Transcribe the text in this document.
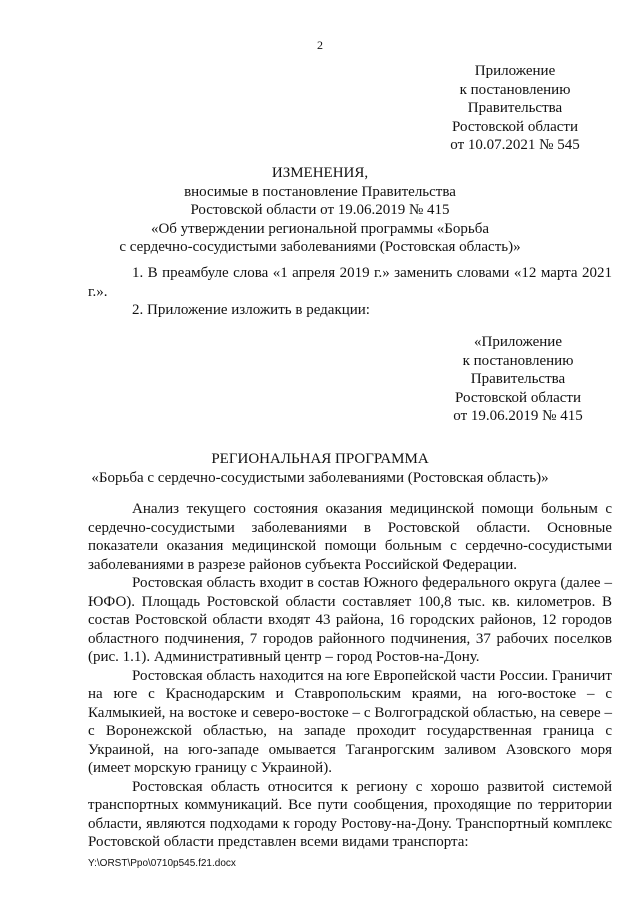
2
Приложение
к постановлению
Правительства
Ростовской области
от 10.07.2021 № 545
ИЗМЕНЕНИЯ,
вносимые в постановление Правительства
Ростовской области от 19.06.2019 № 415
«Об утверждении региональной программы «Борьба
с сердечно-сосудистыми заболеваниями (Ростовская область)»

1. В преамбуле слова «1 апреля 2019 г.» заменить словами «12 марта 2021 г.».

2. Приложение изложить в редакции:

«Приложение
к постановлению
Правительства
Ростовской области
от 19.06.2019 № 415
РЕГИОНАЛЬНАЯ ПРОГРАММА
«Борьба с сердечно-сосудистыми заболеваниями (Ростовская область)»

Анализ текущего состояния оказания медицинской помощи больным с сердечно-сосудистыми заболеваниями в Ростовской области. Основные показатели оказания медицинской помощи больным с сердечно-сосудистыми заболеваниями в разрезе районов субъекта Российской Федерации.

Ростовская область входит в состав Южного федерального округа (далее – ЮФО). Площадь Ростовской области составляет 100,8 тыс. кв. километров. В состав Ростовской области входят 43 района, 16 городских районов, 12 городов областного подчинения, 7 городов районного подчинения, 37 рабочих поселков (рис. 1.1). Административный центр – город Ростов-на-Дону.

Ростовская область находится на юге Европейской части России. Граничит на юге с Краснодарским и Ставропольским краями, на юго-востоке – с Калмыкией, на востоке и северо-востоке – с Волгоградской областью, на севере – с Воронежской областью, на западе проходит государственная граница с Украиной, на юго-западе омывается Таганрогским заливом Азовского моря (имеет морскую границу с Украиной).

Ростовская область относится к региону с хорошо развитой системой транспортных коммуникаций. Все пути сообщения, проходящие по территории области, являются подходами к городу Ростову-на-Дону. Транспортный комплекс Ростовской области представлен всеми видами транспорта:

Y:\ORST\Ppo\0710p545.f21.docx
